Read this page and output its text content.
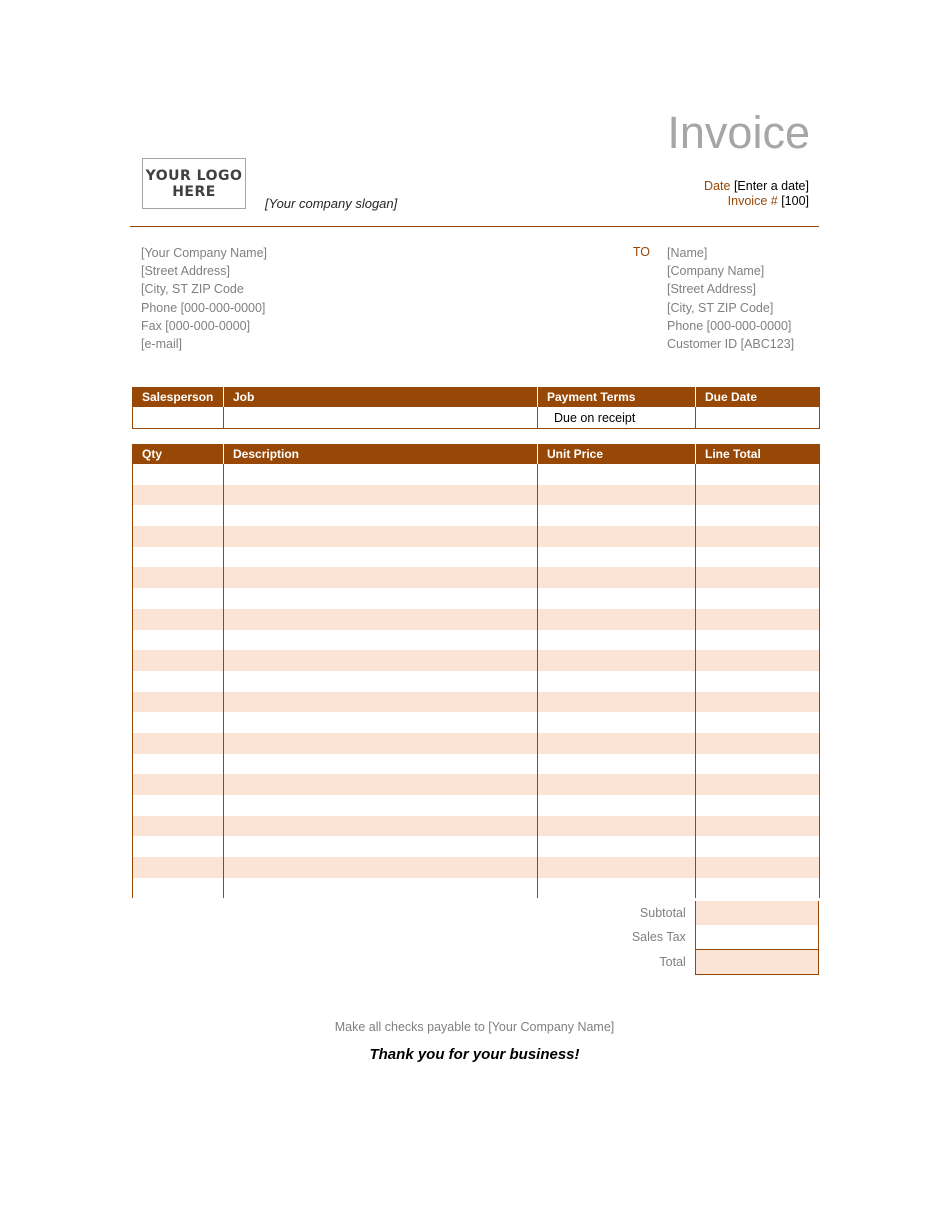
Invoice
YOUR LOGO
HERE
[Your company slogan]
Date [Enter a date]
Invoice # [100]
[Your Company Name]
[Street Address]
[City, ST ZIP Code
Phone [000-000-0000]
Fax [000-000-0000]
[e-mail]
TO [Name]
[Company Name]
[Street Address]
[City, ST ZIP Code]
Phone [000-000-0000]
Customer ID [ABC123]
Salesperson	Job	Payment Terms	Due Date
		Due on receipt	
Qty	Description	Unit Price	Line Total

Subtotal	
Sales Tax	
Total	
Make all checks payable to [Your Company Name]
Thank you for your business!
